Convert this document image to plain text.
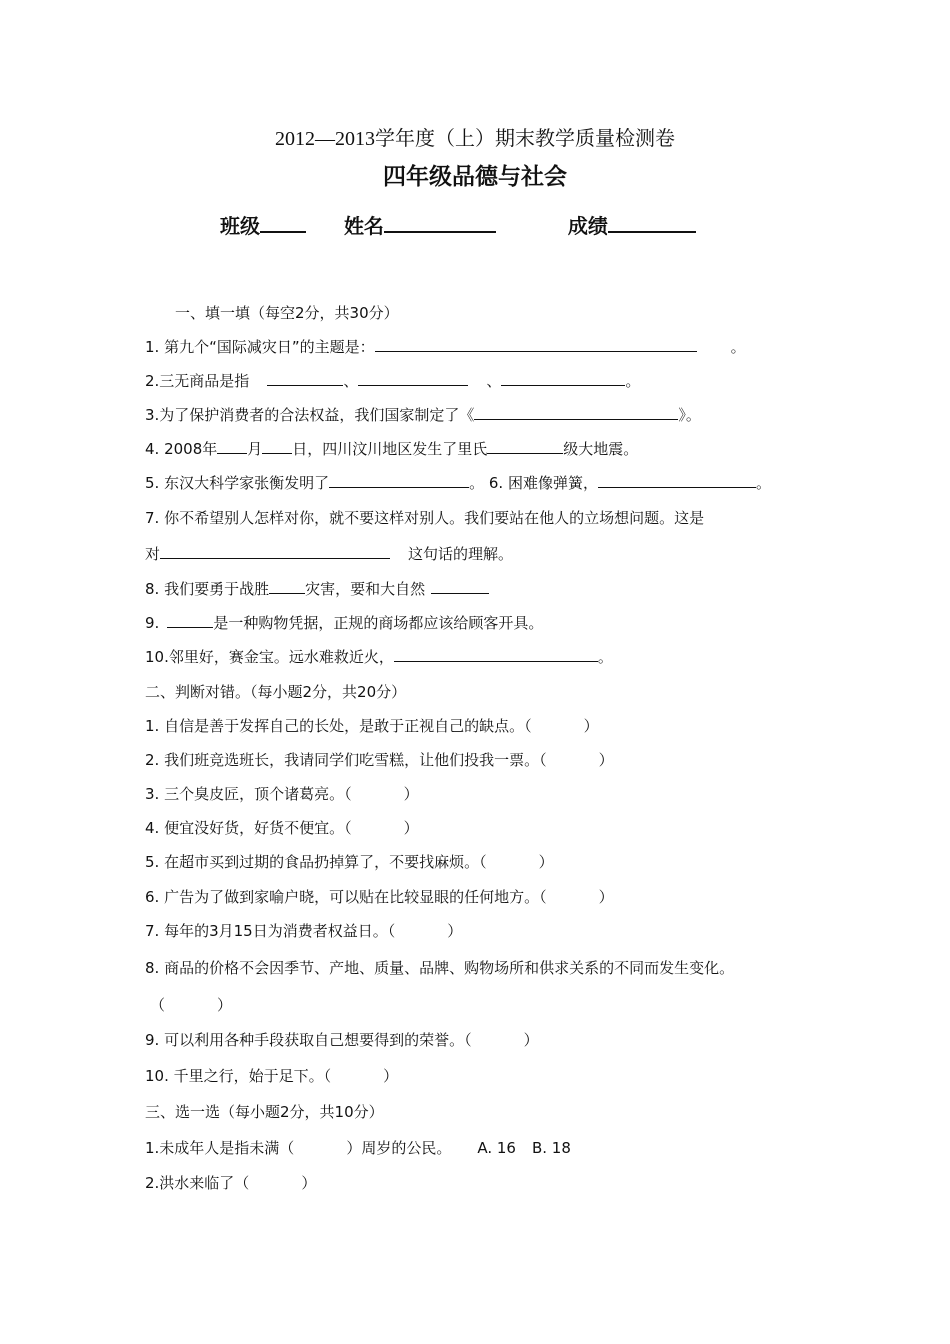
2012—2013学年度（上）期末教学质量检测卷
四年级品德与社会
班级	姓名	成绩
一、填一填（每空2分，共30分）
1. 第九个“国际减灾日”的主题是：	。
2.三无商品是指	、	、	。
3.为了保护消费者的合法权益，我们国家制定了《	》。
4. 2008年 月 日，四川汶川地区发生了里氏	级大地震。
5. 东汉大科学家张衡发明了	。 6. 困难像弹簧，	。
7. 你不希望别人怎样对你，就不要这样对别人。我们要站在他人的立场想问题。这是
对	这句话的理解。
8. 我们要勇于战胜 灾害，要和大自然
9.	是一种购物凭据，正规的商场都应该给顾客开具。
10.邻里好，赛金宝。远水难救近火，	。
二、判断对错。（每小题2分，共20分）
1. 自信是善于发挥自己的长处，是敢于正视自己的缺点。（	）
2. 我们班竞选班长，我请同学们吃雪糕，让他们投我一票。（	）
3. 三个臭皮匠，顶个诸葛亮。（	）
4. 便宜没好货，好货不便宜。（	）
5. 在超市买到过期的食品扔掉算了，不要找麻烦。（	）
6. 广告为了做到家喻户晓，可以贴在比较显眼的任何地方。（	）
7. 每年的3月15日为消费者权益日。（	）
8. 商品的价格不会因季节、产地、质量、品牌、购物场所和供求关系的不同而发生变化。
（	）
9. 可以利用各种手段获取自己想要得到的荣誉。（	）
10. 千里之行，始于足下。（	）
三、选一选（每小题2分，共10分）
1.未成年人是指未满（	）周岁的公民。 A. 16 B. 18
2.洪水来临了（	）
